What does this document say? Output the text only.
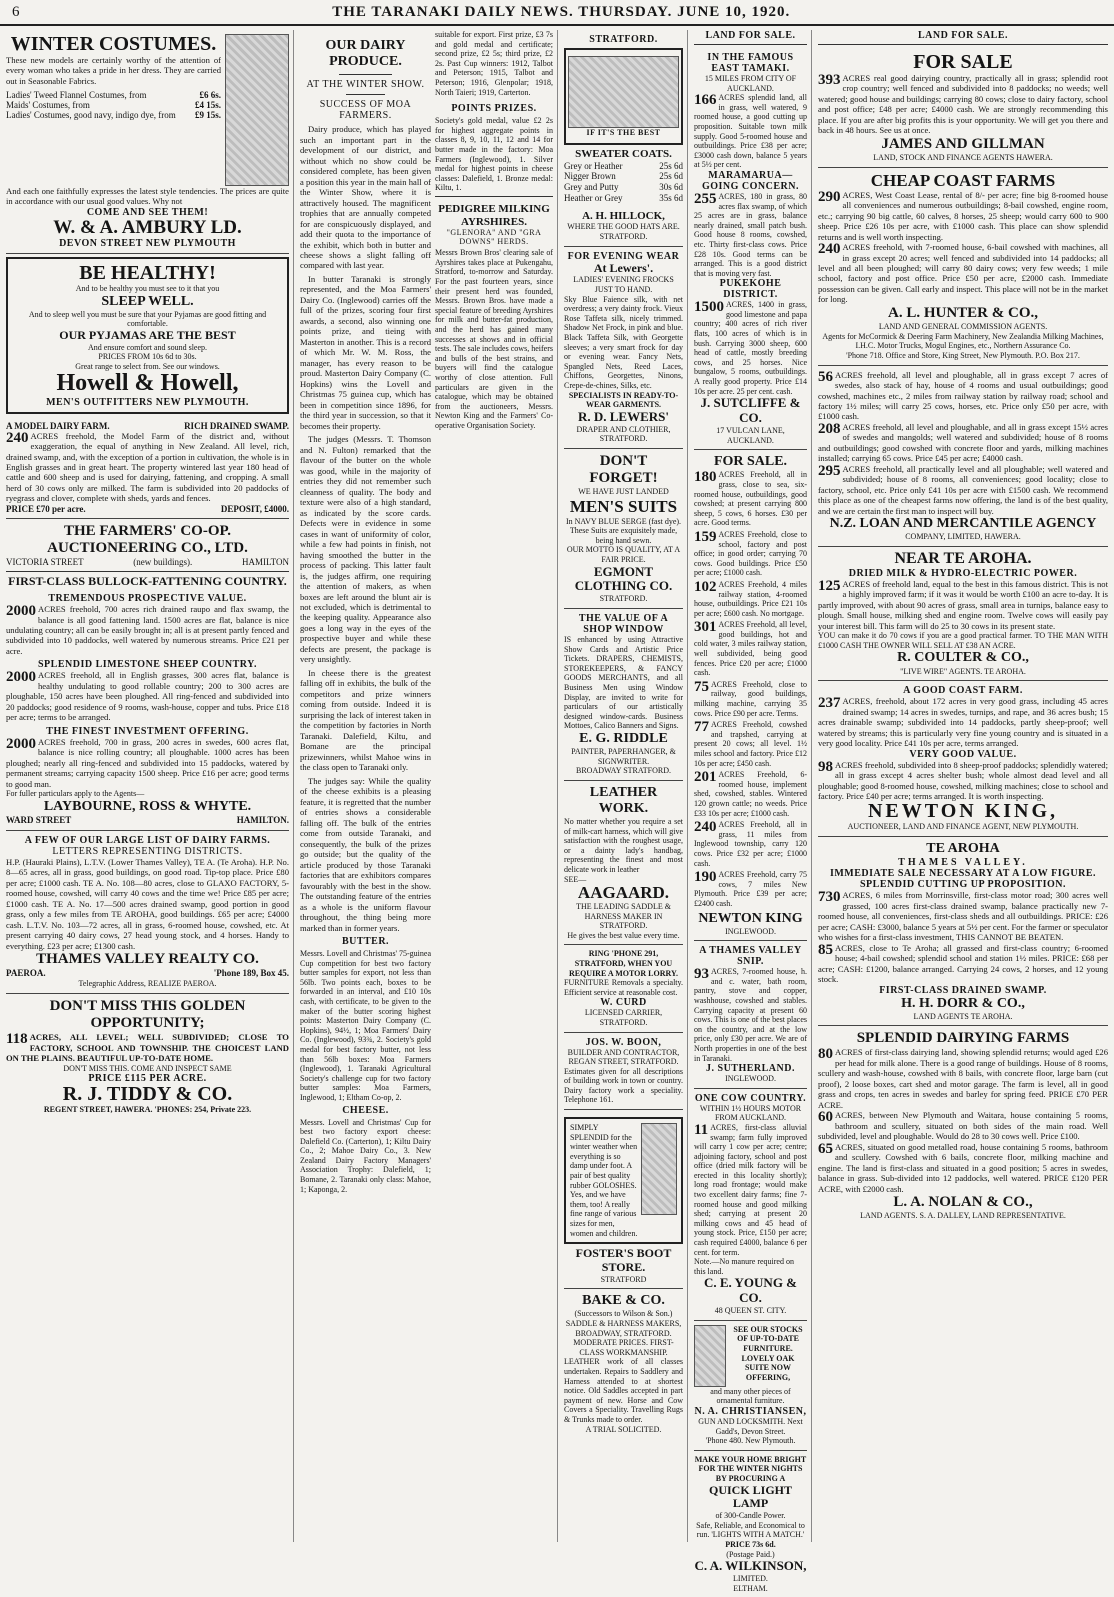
6	THE TARANAKI DAILY NEWS. THURSDAY. JUNE 10, 1920.
WINTER COSTUMES.
These new models are certainly worthy of the attention of every woman who takes a pride in her dress. They are carried out in Seasonable Fabrics.
Ladies' Tweed Flannel Costumes, from	£6 6s.
Maids' Costumes, from	£4 15s.
Ladies' Costumes, good navy, indigo dye, from £9 15s.
And each one faithfully expresses the latest style tendencies. The prices are quite in accordance with our usual good values. Why not
COME AND SEE THEM!
W. & A. AMBURY LD.
DEVON STREET NEW PLYMOUTH
BE HEALTHY!
And to be healthy you must see to it that you
SLEEP WELL.
And to sleep well you must be sure that your Pyjamas are good fitting and comfortable.
OUR PYJAMAS ARE THE BEST
And ensure comfort and sound sleep.
PRICES FROM 10s 6d to 30s.
Great range to select from. See our windows.
Howell & Howell,
MEN'S OUTFITTERS NEW PLYMOUTH.
A MODEL DAIRY FARM.	RICH DRAINED SWAMP.
240 ACRES freehold, the Model Farm of the district and, without exaggeration, the equal of anything in New Zealand. All level, rich, drained swamp, and, with the exception of a portion in cultivation, the whole is in English grasses and in great heart. The property wintered last year 180 head of cattle and 600 sheep and is used for dairying, fattening, and cropping. A small herd of 30 cows only are milked. The farm is subdivided into 20 paddocks of ryegrass and clover, complete with sheds, yards and fences.
PRICE £70 per acre.	DEPOSIT, £4000.
THE FARMERS' CO-OP. AUCTIONEERING CO., LTD.
VICTORIA STREET	(new buildings).	HAMILTON
FIRST-CLASS BULLOCK-FATTENING COUNTRY.
TREMENDOUS PROSPECTIVE VALUE.
2000 ACRES freehold, 700 acres rich drained raupo and flax swamp, the balance is all good fattening land. 1500 acres are flat, balance is nice undulating country; all can be easily brought in; all is at present partly fenced and subdivided into 10 paddocks, well watered by numerous streams. Price £21 per acre.
SPLENDID LIMESTONE SHEEP COUNTRY.
2000 ACRES freehold, all in English grasses, 300 acres flat, balance is healthy undulating to good rollable country; 200 to 300 acres are ploughable, 150 acres have been ploughed. All ring-fenced and subdivided into 20 paddocks; good residence of 9 rooms, wash-house, copper and tubs. Price £18 per acre; terms to be arranged.
THE FINEST INVESTMENT OFFERING.
2000 ACRES freehold, 700 in grass, 200 acres in swedes, 600 acres flat, balance is nice rolling country; all ploughable. 1000 acres has been ploughed; nearly all ring-fenced and subdivided into 15 paddocks, watered by permanent streams; carrying capacity 1500 sheep. Price £16 per acre; good terms to good man.
For fuller particulars apply to the Agents—
LAYBOURNE, ROSS & WHYTE.
WARD STREET	HAMILTON.
A FEW OF OUR LARGE LIST OF DAIRY FARMS.
LETTERS REPRESENTING DISTRICTS.
H.P. (Hauraki Plains), L.T.V. (Lower Thames Valley), TE A. (Te Aroha). H.P. No. 8—65 acres, all in grass, good buildings, on good road. Tip-top place. Price £80 per acre; £1000 cash. TE A. No. 108—80 acres, close to GLAXO FACTORY, 5-roomed house, cowshed, will carry 40 cows and the time we! Price £85 per acre; £1000 cash. TE A. No. 17—500 acres drained swamp, good portion in good grass, only a few miles from TE AROHA, good buildings. £65 per acre; £4000 cash. L.T.V. No. 103—72 acres, all in grass, 6-roomed house, cowshed, etc. At present carrying 40 dairy cows, 27 head young stock, and 4 horses. Handy to everything. £23 per acre; £1300 cash.
THAMES VALLEY REALTY CO.
PAEROA.	'Phone 189, Box 45.
Telegraphic Address, REALIZE PAEROA.
DON'T MISS THIS GOLDEN OPPORTUNITY;
118 ACRES, ALL LEVEL; WELL SUBDIVIDED; CLOSE TO FACTORY, SCHOOL AND TOWNSHIP. THE CHOICEST LAND ON THE PLAINS. BEAUTIFUL UP-TO-DATE HOME.
DON'T MISS THIS. COME AND INSPECT SAME
PRICE £115 PER ACRE.
R. J. TIDDY & CO.
REGENT STREET, HAWERA. 'PHONES: 254, Private 223.
OUR DAIRY PRODUCE.
AT THE WINTER SHOW.
SUCCESS OF MOA FARMERS.

Dairy produce, which has played such an important part in the development of our district, and without which no show could be considered complete, has been given a position this year in the main hall of the Winter Show, where it is attractively housed. The magnificent trophies that are annually competed for are conspicuously displayed, and add their quota to the importance of the exhibit, which both in butter and cheese shows a slight falling off compared with last year.

In butter Taranaki is strongly represented, and the Moa Farmers' Dairy Co. (Inglewood) carries off the full of the prizes, scoring four first awards, a second, also winning one points prize, and tieing with Masterton in another. This is a record of which Mr. W. M. Ross, the manager, has every reason to be proud. Masterton Dairy Company (C. Hopkins) wins the Lovell and Christmas 75 guinea cup, which has been in competition since 1896, for the third year in succession, so that it becomes their property.

The judges (Messrs. T. Thomson and N. Fulton) remarked that the flavour of the butter on the whole was good, while in the majority of entries they did not remember such cleanness of quality. The body and texture were also of a high standard, as indicated by the score cards. Defects were in evidence in some cases in want of uniformity of color, while a few had points in finish, not having smoothed the butter in the process of packing. This latter fault is, the judges affirm, one requiring the attention of makers, as when boxes are left around the blunt air is not excluded, which is detrimental to the keeping quality. Appearance also goes a long way in the eyes of the prospective buyer and while these defects are present, the package is very unsightly.

In cheese there is the greatest falling off in exhibits, the bulk of the competitors and prize winners coming from outside. Indeed it is surprising the lack of interest taken in the competition by factories in North Taranaki. Dalefield, Kiltu, and Bomane are the principal prizewinners, whilst Mahoe wins in the class open to Taranaki only.

The judges say: While the quality of the cheese exhibits is a pleasing feature, it is regretted that the number of entries shows a considerable falling off. The bulk of the entries come from outside Taranaki, and consequently, the bulk of the prizes go outside; but the quality of the article produced by those Taranaki factories that are exhibitors compares favourably with the best in the show. The outstanding feature of the entries as a whole is the uniform flavour throughout, the thing being more marked than in former years.

BUTTER.

Messrs. Lovell and Christmas' 75-guinea Cup competition for best two factory butter samples for export, not less than 56lb. Two points each, boxes to be forwarded in an interval, and £10 10s cash, with certificate, to be given to the maker of the butter scoring highest points: Masterton Dairy Company (C. Hopkins), 94½, 1; Moa Farmers' Dairy Co. (Inglewood), 93¾, 2. Society's gold medal for best factory butter, not less than 56lb boxes: Moa Farmers (Inglewood), 1. Taranaki Agricultural Society's challenge cup for two factory butter samples: Moa Farmers, Inglewood, 1; Eltham Co-op, 2.

CHEESE.

Messrs. Lovell and Christmas' Cup for best two factory export cheese: Dalefield Co. (Carterton), 1; Kiltu Dairy Co., 2; Mahoe Dairy Co., 3. New Zealand Dairy Factory Managers' Association Trophy: Dalefield, 1; Bomane, 2. Taranaki only class: Mahoe, 1; Kaponga, 2.

suitable for export. First prize, £3 7s and gold medal and certificate; second prize, £2 5s; third prize, £2 2s. Past Cup winners: 1912, Talbot and Peterson; 1915, Talbot and Peterson; 1916, Glenpolar; 1918, North Taieri; 1919, Carterton.

POINTS PRIZES.

Society's gold medal, value £2 2s for highest aggregate points in classes 8, 9, 10, 11, 12 and 14 for butter made in the factory: Moa Farmers (Inglewood), 1. Silver medal for highest points in cheese classes: Dalefield, 1. Bronze medal: Kiltu, 1.

PEDIGREE MILKING AYRSHIRES.
"GLENORA" AND "GRA DOWNS" HERDS.

Messrs Brown Bros' clearing sale of Ayrshires takes place at Pukengahu, Stratford, to-morrow and Saturday. For the past fourteen years, since their present herd was founded, Messrs. Brown Bros. have made a special feature of breeding Ayrshires for milk and butter-fat production, and the herd has gained many successes at shows and in official tests. The sale includes cows, heifers and bulls of the best strains, and buyers will find the catalogue worthy of close attention. Full particulars are given in the catalogue, which may be obtained from the auctioneers, Messrs. Newton King and the Farmers' Co-operative Organisation Society.

STRATFORD.
IF IT'S THE BEST
SWEATER COATS.
Grey or Heather	25s 6d
Nigger Brown	25s 6d
Grey and Putty	30s 6d
Heather or Grey	35s 6d
A. H. HILLOCK,
WHERE THE GOOD HATS ARE. STRATFORD.
FOR EVENING WEAR
At Lewers'.
LADIES' EVENING FROCKS JUST TO HAND.
Sky Blue Faience silk, with net overdress; a very dainty frock. Vieux Rose Taffeta silk, nicely trimmed. Shadow Net Frock, in pink and blue. Black Taffeta Silk, with Georgette sleeves; a very smart frock for day or evening wear. Fancy Nets, Spangled Nets, Reed Laces, Chiffons, Georgettes, Ninons, Crepe-de-chines, Silks, etc.
SPECIALISTS IN READY-TO-WEAR GARMENTS.
R. D. LEWERS'
DRAPER AND CLOTHIER, STRATFORD.
DON'T FORGET!
WE HAVE JUST LANDED
MEN'S SUITS
In NAVY BLUE SERGE (fast dye).
These Suits are exquisitely made, being hand sewn.
OUR MOTTO IS QUALITY, AT A FAIR PRICE.
EGMONT CLOTHING CO.
STRATFORD.
THE VALUE OF A SHOP WINDOW
IS enhanced by using Attractive Show Cards and Artistic Price Tickets. DRAPERS, CHEMISTS, STOREKEEPERS, & FANCY GOODS MERCHANTS, and all Business Men using Window Display, are invited to write for particulars of our artistically designed window-cards. Business Mottoes, Calico Banners and Signs.
E. G. RIDDLE
PAINTER, PAPERHANGER, & SIGNWRITER.
BROADWAY STRATFORD.
LEATHER WORK.
No matter whether you require a set of milk-cart harness, which will give satisfaction with the roughest usage, or a dainty lady's handbag, representing the finest and most delicate work in leather
SEE—
AAGAARD.
THE LEADING SADDLE & HARNESS MAKER IN STRATFORD.
He gives the best value every time.
RING 'PHONE 291, STRATFORD, WHEN YOU REQUIRE A MOTOR LORRY.
FURNITURE Removals a specialty. Efficient service at reasonable cost.
W. CURD
LICENSED CARRIER, STRATFORD.
JOS. W. BOON,
BUILDER AND CONTRACTOR, REGAN STREET, STRATFORD.
Estimates given for all descriptions of building work in town or country. Dairy factory work a speciality. Telephone 161.
SIMPLY SPLENDID for the winter weather when everything is so damp under foot. A pair of best quality rubber GOLOSHES. Yes, and we have them, too! A really fine range of various sizes for men, women and children.
FOSTER'S BOOT STORE.
STRATFORD
BAKE & CO.
(Successors to Wilson & Son.)
SADDLE & HARNESS MAKERS, BROADWAY, STRATFORD.
MODERATE PRICES. FIRST-CLASS WORKMANSHIP.
LEATHER work of all classes undertaken. Repairs to Saddlery and Harness attended to at shortest notice. Old Saddles accepted in part payment of new. Horse and Cow Covers a Speciality. Travelling Rugs & Trunks made to order.
A TRIAL SOLICITED.
LAND FOR SALE.
IN THE FAMOUS EAST TAMAKI.
15 MILES FROM CITY OF AUCKLAND.
166 ACRES splendid land, all in grass, well watered, 9 roomed house, a good cutting up proposition. Suitable town milk supply. Good 5-roomed house and outbuildings. Price £38 per acre; £3000 cash down, balance 5 years at 5½ per cent.
MARAMARUA—GOING CONCERN.
255 ACRES, 180 in grass, 80 acres flax swamp, of which 25 acres are in grass, balance nearly drained, small patch bush. Good house 8 rooms, cowshed, etc. Thirty first-class cows. Price £28 10s. Good terms can be arranged. This is a good district that is moving very fast.
PUKEKOHE DISTRICT.
1500 ACRES, 1400 in grass, good limestone and papa country; 400 acres of rich river flats, 100 acres of which is in bush. Carrying 3000 sheep, 600 head of cattle, mostly breeding cows, and 25 horses. Nice bungalow, 5 rooms, outbuildings. A really good property. Price £14 10s per acre. 25 per cent. cash.
J. SUTCLIFFE & CO.
17 VULCAN LANE, AUCKLAND.
FOR SALE.
180 ACRES Freehold, all in grass, close to sea, six-roomed house, outbuildings, good cowshed; at present carrying 800 sheep, 5 cows, 6 horses. £30 per acre. Good terms.
159 ACRES Freehold, close to school, factory and post office; in good order; carrying 70 cows. Good buildings. Price £50 per acre; £1000 cash.
102 ACRES Freehold, 4 miles railway station, 4-roomed house, outbuildings. Price £21 10s per acre; £600 cash. No mortgage.
301 ACRES Freehold, all level, good buildings, hot and cold water, 3 miles railway station, well subdivided, being good fences. Price £20 per acre; £1000 cash.
75 ACRES Freehold, close to railway, good buildings, milking machine, carrying 35 cows. Price £90 per acre. Terms.
77 ACRES Freehold, cowshed and trapshed, carrying at present 20 cows; all level. 1½ miles school and factory. Price £12 10s per acre; £450 cash.
201 ACRES Freehold, 6-roomed house, implement shed, cowshed, stables. Wintered 120 grown cattle; no weeds. Price £33 10s per acre; £1000 cash.
240 ACRES Freehold, all in grass, 11 miles from Inglewood township, carry 120 cows. Price £32 per acre; £1000 cash.
190 ACRES Freehold, carry 75 cows, 7 miles New Plymouth. Price £39 per acre; £2400 cash.
NEWTON KING
INGLEWOOD.
A THAMES VALLEY SNIP.
93 ACRES, 7-roomed house, h. and c. water, bath room, pantry, stove and copper, washhouse, cowshed and stables. Carrying capacity at present 60 cows. This is one of the best places on the country, and at the low price, only £30 per acre. We are of North properties in one of the best in Taranaki.
J. SUTHERLAND.
INGLEWOOD.
ONE COW COUNTRY.
WITHIN 1½ HOURS MOTOR FROM AUCKLAND.
11 ACRES, first-class alluvial swamp; farm fully improved will carry 1 cow per acre; centre; adjoining factory, school and post office (dried milk factory will be erected in this locality shortly); long road frontage; would make two excellent dairy farms; fine 7-roomed house and good milking shed; carrying at present 20 milking cows and 45 head of young stock. Price, £150 per acre; cash required £4000, balance 6 per cent. for term.
Note.—No manure required on this land.
C. E. YOUNG & CO.
48 QUEEN ST. CITY.
SEE OUR STOCKS OF UP-TO-DATE FURNITURE. LOVELY OAK SUITE NOW OFFERING,
and many other pieces of ornamental furniture.
N. A. CHRISTIANSEN,
GUN AND LOCKSMITH. Next Gadd's, Devon Street.
'Phone 480. New Plymouth.
MAKE YOUR HOME BRIGHT FOR THE WINTER NIGHTS BY PROCURING A
QUICK LIGHT LAMP
of 300-Candle Power.
Safe, Reliable, and Economical to run. 'LIGHTS WITH A MATCH.'
PRICE 73s 6d.
(Postage Paid.)
C. A. WILKINSON,
LIMITED.
ELTHAM.
LAND FOR SALE.
FOR SALE
393 ACRES real good dairying country, practically all in grass; splendid root crop country; well fenced and subdivided into 8 paddocks; no weeds; well watered; good house and buildings; carrying 80 cows; close to dairy factory, school and post office; £48 per acre; £4000 cash. We are strongly recommending this place. If you are after big profits this is your opportunity. We will get you there and back in 48 hours. See us at once.
JAMES AND GILLMAN
LAND, STOCK AND FINANCE AGENTS HAWERA.
CHEAP COAST FARMS
290 ACRES, West Coast Lease, rental of 8/- per acre; fine big 8-roomed house all conveniences and numerous outbuildings; 8-bail cowshed, engine room, etc.; carrying 90 big cattle, 60 calves, 8 horses, 25 sheep; would carry 600 to 900 sheep. Price £26 10s per acre, with £1000 cash. This place can show splendid returns and is well worth inspecting.
240 ACRES freehold, with 7-roomed house, 6-bail cowshed with machines, all in grass except 20 acres; well fenced and subdivided into 14 paddocks; all level and all been ploughed; will carry 80 dairy cows; very few weeds; 1 mile school, factory and post office. Price £50 per acre, £2000 cash. Immediate possession can be given. Call early and inspect. This place will not be in the market for long.
A. L. HUNTER & CO.,
LAND AND GENERAL COMMISSION AGENTS.
Agents for McCormick & Deering Farm Machinery, New Zealandia Milking Machines, I.H.C. Motor Trucks, Mogul Engines, etc., Northern Assurance Co.
'Phone 718. Office and Store, King Street, New Plymouth. P.O. Box 217.
56 ACRES freehold, all level and ploughable, all in grass except 7 acres of swedes, also stack of hay, house of 4 rooms and usual outbuildings; good cowshed, machines etc., 2 miles from railway station by railway road; school and factory 1½ miles; will carry 25 cows, horses, etc. Price only £50 per acre, with £1000 cash.
208 ACRES freehold, all level and ploughable, and all in grass except 15½ acres of swedes and mangolds; well watered and subdivided; house of 8 rooms and outbuildings; good cowshed with concrete floor and yards, milking machines installed; carrying 65 cows. Price £45 per acre; £4000 cash.
295 ACRES freehold, all practically level and all ploughable; well watered and subdivided; house of 8 rooms, all conveniences; good locality; close to factory, school, etc. Price only £41 10s per acre with £1500 cash. We recommend this place as one of the cheapest farms now offering, the land is of the best quality, and we are certain the first man to inspect will buy.
N.Z. LOAN AND MERCANTILE AGENCY
COMPANY, LIMITED, HAWERA.
NEAR TE AROHA.
DRIED MILK & HYDRO-ELECTRIC POWER.
125 ACRES of freehold land, equal to the best in this famous district. This is not a highly improved farm; if it was it would be worth £100 an acre to-day. It is partly improved, with about 90 acres of grass, small area in turnips, balance easy to plough. Small house, milking shed and engine room. Twelve cows will easily pay your interest bill. This farm will do 25 to 30 cows in its present state.
YOU can make it do 70 cows if you are a good practical farmer. TO THE MAN WITH £1000 CASH THE OWNER WILL SELL AT £38 AN ACRE.
R. COULTER & CO.,
"LIVE WIRE" AGENTS. TE AROHA.
A GOOD COAST FARM.
237 ACRES, freehold, about 172 acres in very good grass, including 45 acres drained swamp; 14 acres in swedes, turnips, and rape, and 36 acres bush; 15 acres drainable swamp; subdivided into 14 paddocks, partly sheep-proof; well watered by streams; this is particularly very fine young country and is situated in a very good locality. Price £41 10s per acre, terms arranged.
VERY GOOD VALUE.
98 ACRES freehold, subdivided into 8 sheep-proof paddocks; splendidly watered; all in grass except 4 acres shelter bush; whole almost dead level and all ploughable; good 8-roomed house, cowshed, milking machines; close to school and factory. Price £40 per acre; terms arranged. It is worth inspecting.
NEWTON KING,
AUCTIONEER, LAND AND FINANCE AGENT, NEW PLYMOUTH.
TE AROHA
THAMES VALLEY.
IMMEDIATE SALE NECESSARY AT A LOW FIGURE.
SPLENDID CUTTING UP PROPOSITION.
730 ACRES, 6 miles from Morrinsville, first-class motor road; 300 acres well grassed, 100 acres first-class drained swamp, balance practically new 7-roomed house, all conveniences, first-class sheds and all outbuildings. PRICE: £26 per acre; CASH: £3000, balance 5 years at 5½ per cent. For the farmer or speculator who wishes for a first-class investment, THIS CANNOT BE BEATEN.
85 ACRES, close to Te Aroha; all grassed and first-class country; 6-roomed house; 4-bail cowshed; splendid school and station 1½ miles. PRICE: £68 per acre; CASH: £1200, balance arranged. Carrying 24 cows, 2 horses, and 12 young stock.
FIRST-CLASS DRAINED SWAMP.
H. H. DORR & CO.,
LAND AGENTS TE AROHA.
SPLENDID DAIRYING FARMS
80 ACRES of first-class dairying land, showing splendid returns; would aged £26 per head for milk alone. There is a good range of buildings. House of 8 rooms, scullery and wash-house, cowshed with 8 bails, with concrete floor, large barn (cut proof), 2 loose boxes, cart shed and motor garage. The farm is level, all in good grass and crops, ten acres in swedes and barley for spring feed. PRICE £70 PER ACRE.
60 ACRES, between New Plymouth and Waitara, house containing 5 rooms, bathroom and scullery, situated on both sides of the main road. Well subdivided, level and ploughable. Would do 28 to 30 cows well. Price £100.
65 ACRES, situated on good metalled road, house containing 5 rooms, bathroom and scullery. Cowshed with 6 bails, concrete floor, milking machine and engine. The land is first-class and situated in a good position; 5 acres in swedes, balance in grass. Sub-divided into 12 paddocks, well watered. PRICE £120 PER ACRE, with £2000 cash.
L. A. NOLAN & CO.,
LAND AGENTS. S. A. DALLEY, LAND REPRESENTATIVE.
